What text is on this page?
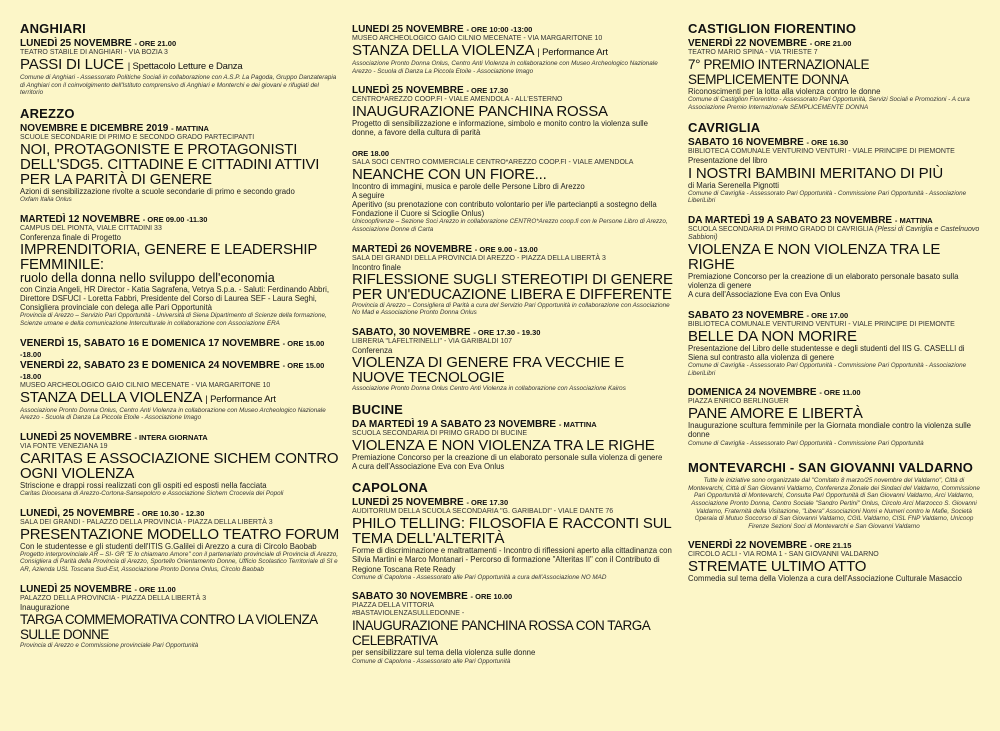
ANGHIARI
LUNEDÌ 25 NOVEMBRE - ORE 21.00
TEATRO STABILE DI ANGHIARI - VIA BOZIA 3
PASSI DI LUCE | Spettacolo Letture e Danza
Comune di Anghiari - Assessorato Politiche Sociali in collaborazione con A.S.P. La Pagoda, Gruppo Danzaterapia di Anghiari con il coinvolgimento dell'Istituto comprensivo di Anghiari e Monterchi e dei giovani e rifugiati del territorio
AREZZO
NOVEMBRE E DICEMBRE 2019 - MATTINA
SCUOLE SECONDARIE DI PRIMO E SECONDO GRADO PARTECIPANTI
NOI, PROTAGONISTE E PROTAGONISTI DELL'SDG5. CITTADINE E CITTADINI ATTIVI PER LA PARITÀ DI GENERE
Azioni di sensibilizzazione rivolte a scuole secondarie di primo e secondo grado
Oxfam Italia Onlus
MARTEDÌ 12 NOVEMBRE - ORE 09.00 -11.30
CAMPUS DEL PIONTA, VIALE CITTADINI 33
Conferenza finale di Progetto
IMPRENDITORIA, GENERE E LEADERSHIP FEMMINILE:
ruolo della donna nello sviluppo dell'economia
con Cinzia Angeli, HR Director - Katia Sagrafena, Vetrya S.p.a. - Saluti: Ferdinando Abbri, Direttore DSFUCI - Loretta Fabbri, Presidente del Corso di Laurea SEF - Laura Seghi, Consigliera provinciale con delega alle Pari Opportunità
Provincia di Arezzo – Servizio Pari Opportunità - Università di Siena Dipartimento di Scienze della formazione, Scienze umane e della comunicazione Interculturale in collaborazione con Associazione ERA
VENERDÌ 15, SABATO 16 E DOMENICA 17 NOVEMBRE - ORE 15.00 -18.00
VENERDÌ 22, SABATO 23 E DOMENICA 24 NOVEMBRE - ORE 15.00 -18.00
MUSEO ARCHEOLOGICO GAIO CILNIO MECENATE - VIA MARGARITONE 10
STANZA DELLA VIOLENZA | Performance Art
Associazione Pronto Donna Onlus, Centro Anti Violenza in collaborazione con Museo Archeologico Nazionale Arezzo - Scuola di Danza La Piccola Etoile - Associazione Imago
LUNEDÌ 25 NOVEMBRE - INTERA GIORNATA
VIA FONTE VENEZIANA 19
CARITAS E ASSOCIAZIONE SICHEM CONTRO OGNI VIOLENZA
Striscione e drappi rossi realizzati con gli ospiti ed esposti nella facciata
Caritas Diocesana di Arezzo-Cortona-Sansepolcro e Associazione Sichem Crocevia dei Popoli
LUNEDÌ, 25 NOVEMBRE - ORE 10.30 - 12.30
SALA DEI GRANDI - PALAZZO DELLA PROVINCIA - PIAZZA DELLA LIBERTÀ 3
PRESENTAZIONE MODELLO TEATRO FORUM
Con le studentesse e gli studenti dell'ITIS G.Galilei di Arezzo a cura di Circolo Baobab
Progetto interprovinciale AR – SI- GR "E lo chiamano Amore" con il partenariato provinciale di Provincia di Arezzo, Consigliera di Parità della Provincia di Arezzo, Sportello Orientamento Donne, Ufficio Scolastico Territoriale di SI e AR, Azienda USL Toscana Sud-Est, Associazione Pronto Donna Onlus, Circolo Baobab
LUNEDÌ 25 NOVEMBRE - ORE 11.00
PALAZZO DELLA PROVINCIA - PIAZZA DELLA LIBERTÀ 3
Inaugurazione
TARGA COMMEMORATIVA CONTRO LA VIOLENZA SULLE DONNE
Provincia di Arezzo e Commissione provinciale Pari Opportunità
LUNEDÌ 25 NOVEMBRE - ORE 10:00 -13:00
MUSEO ARCHEOLOGICO GAIO CILNIO MECENATE - VIA MARGARITONE 10
STANZA DELLA VIOLENZA | Performance Art
Associazione Pronto Donna Onlus, Centro Anti Violenza in collaborazione con Museo Archeologico Nazionale Arezzo - Scuola di Danza La Piccola Etoile - Associazione Imago
LUNEDÌ 25 NOVEMBRE - ORE 17.30
CENTRO*AREZZO COOP.FI - VIALE AMENDOLA - ALL'ESTERNO
INAUGURAZIONE PANCHINA ROSSA
Progetto di sensibilizzazione e informazione, simbolo e monito contro la violenza sulle donne, a favore della cultura di parità
ORE 18.00
SALA SOCI CENTRO COMMERCIALE CENTRO*AREZZO COOP.FI - VIALE AMENDOLA
NEANCHE CON UN FIORE...
Incontro di immagini, musica e parole delle Persone Libro di Arezzo
A seguire
Aperitivo (su prenotazione con contributo volontario per i/le partecianpti a sostegno della Fondazione il Cuore si Scioglie Onlus)
Unicoopfirenze – Sezione Soci Arezzo in collaborazione CENTRO*Arezzo coop.fi con le Persone Libro di Arezzo, Associazione Donne di Carta
MARTEDÌ 26 NOVEMBRE - ORE 9.00 - 13.00
SALA DEI GRANDI DELLA PROVINCIA DI AREZZO - PIAZZA DELLA LIBERTÀ 3
Incontro finale
RIFLESSIONE SUGLI STEREOTIPI DI GENERE PER UN'EDUCAZIONE LIBERA E DIFFERENTE
Provincia di Arezzo – Consigliera di Parità a cura del Servizio Pari Opportunità in collaborazione con Associazione No Mad e Associazione Pronto Donna Onlus
SABATO, 30 NOVEMBRE - ORE 17.30 - 19.30
LIBRERIA "LAFELTRINELLI" - VIA GARIBALDI 107
Conferenza
VIOLENZA DI GENERE FRA VECCHIE E NUOVE TECNOLOGIE
Associazione Pronto Donna Onlus Centro Anti Violenza in collaborazione con Associazione Kairos
BUCINE
DA MARTEDÌ 19 A SABATO 23 NOVEMBRE - MATTINA
SCUOLA SECONDARIA DI PRIMO GRADO DI BUCINE
VIOLENZA E NON VIOLENZA TRA LE RIGHE
Premiazione Concorso per la creazione di un elaborato personale sulla violenza di genere
A cura dell'Associazione Eva con Eva Onlus
CAPOLONA
LUNEDÌ 25 NOVEMBRE - ORE 17.30
AUDITORIUM DELLA SCUOLA SECONDARIA "G. GARIBALDI" - VIALE DANTE 76
PHILO TELLING: FILOSOFIA E RACCONTI SUL TEMA DELL'ALTERITÀ
Forme di discriminazione e maltrattamenti - Incontro di riflessioni aperto alla cittadinanza con Silvia Martini e Marco Montanari - Percorso di formazione "Alteritas II" con il Contributo di Regione Toscana Rete Ready
Comune di Capolona - Assessorato alle Pari Opportunità a cura dell'Associazione NO MAD
SABATO 30 NOVEMBRE - ORE 10.00
PIAZZA DELLA VITTORIA
#BASTAVIOLENZASULLEDONNE -
INAUGURAZIONE PANCHINA ROSSA CON TARGA CELEBRATIVA
per sensibilizzare sul tema della violenza sulle donne
Comune di Capolona - Assessorato alle Pari Opportunità
CASTIGLION FIORENTINO
VENERDÌ 22 NOVEMBRE - ORE 21.00
TEATRO MARIO SPINA - VIA TRIESTE 7
7° PREMIO INTERNAZIONALE SEMPLICEMENTE DONNA
Riconoscimenti per la lotta alla violenza contro le donne
Comune di Castiglion Fiorentino - Assessorato Pari Opportunità, Servizi Sociali e Promozioni - A cura Associazione Premio Internazionale SEMPLICEMENTE DONNA
CAVRIGLIA
SABATO 16 NOVEMBRE - ORE 16.30
BIBLIOTECA COMUNALE VENTURINO VENTURI - VIALE PRINCIPE DI PIEMONTE
Presentazione del libro
I NOSTRI BAMBINI MERITANO DI PIÙ
di Maria Serenella Pignotti
Comune di Cavriglia - Assessorato Pari Opportunità - Commissione Pari Opportunità - Associazione LiberiLibri
DA MARTEDÌ 19 A SABATO 23 NOVEMBRE - MATTINA
SCUOLA SECONDARIA DI PRIMO GRADO DI CAVRIGLIA (Plessi di Cavriglia e Castelnuovo Sabbioni)
VIOLENZA E NON VIOLENZA TRA LE RIGHE
Premiazione Concorso per la creazione di un elaborato personale basato sulla violenza di genere
A cura dell'Associazione Eva con Eva Onlus
SABATO 23 NOVEMBRE - ORE 17.00
BIBLIOTECA COMUNALE VENTURINO VENTURI - VIALE PRINCIPE DI PIEMONTE
BELLE DA NON MORIRE
Presentazione del Libro delle studentesse e degli studenti del IIS G. CASELLI di Siena sul contrasto alla violenza di genere
Comune di Cavriglia - Assessorato Pari Opportunità - Commissione Pari Opportunità - Associazione LiberiLibri
DOMENICA 24 NOVEMBRE - ORE 11.00
PIAZZA ENRICO BERLINGUER
PANE AMORE E LIBERTÀ
Inaugurazione scultura femminile per la Giornata mondiale contro la violenza sulle donne
Comune di Cavriglia - Assessorato Pari Opportunità - Commissione Pari Opportunità
MONTEVARCHI - SAN GIOVANNI VALDARNO
Tutte le iniziative sono organizzate dal "Comitato 8 marzo/25 novembre del Valdarno", Città di Montevarchi, Città di San Giovanni Valdarno, Conferenza Zonale dei Sindaci del Valdarno, Commissione Pari Opportunità di Montevarchi, Consulta Pari Opportunità di San Giovanni Valdarno, Arci Valdarno, Associazione Pronto Donna, Centro Sociale "Sandro Pertini" Onlus, Circolo Arci Marzocco S. Giovanni Valdarno, Fraternità della Visitazione, "Libera" Associazioni Nomi e Numeri contro le Mafie, Società Operaia di Mutuo Soccorso di San Giovanni Valdarno, CGIL Valdarno, CISL FNP Valdarno, Unicoop Firenze Sezioni Soci di Montevarchi e San Giovanni Valdarno
VENERDÌ 22 NOVEMBRE - ORE 21.15
CIRCOLO ACLI - VIA ROMA 1 - SAN GIOVANNI VALDARNO
STREMATE ULTIMO ATTO
Commedia sul tema della Violenza a cura dell'Associazione Culturale Masaccio
